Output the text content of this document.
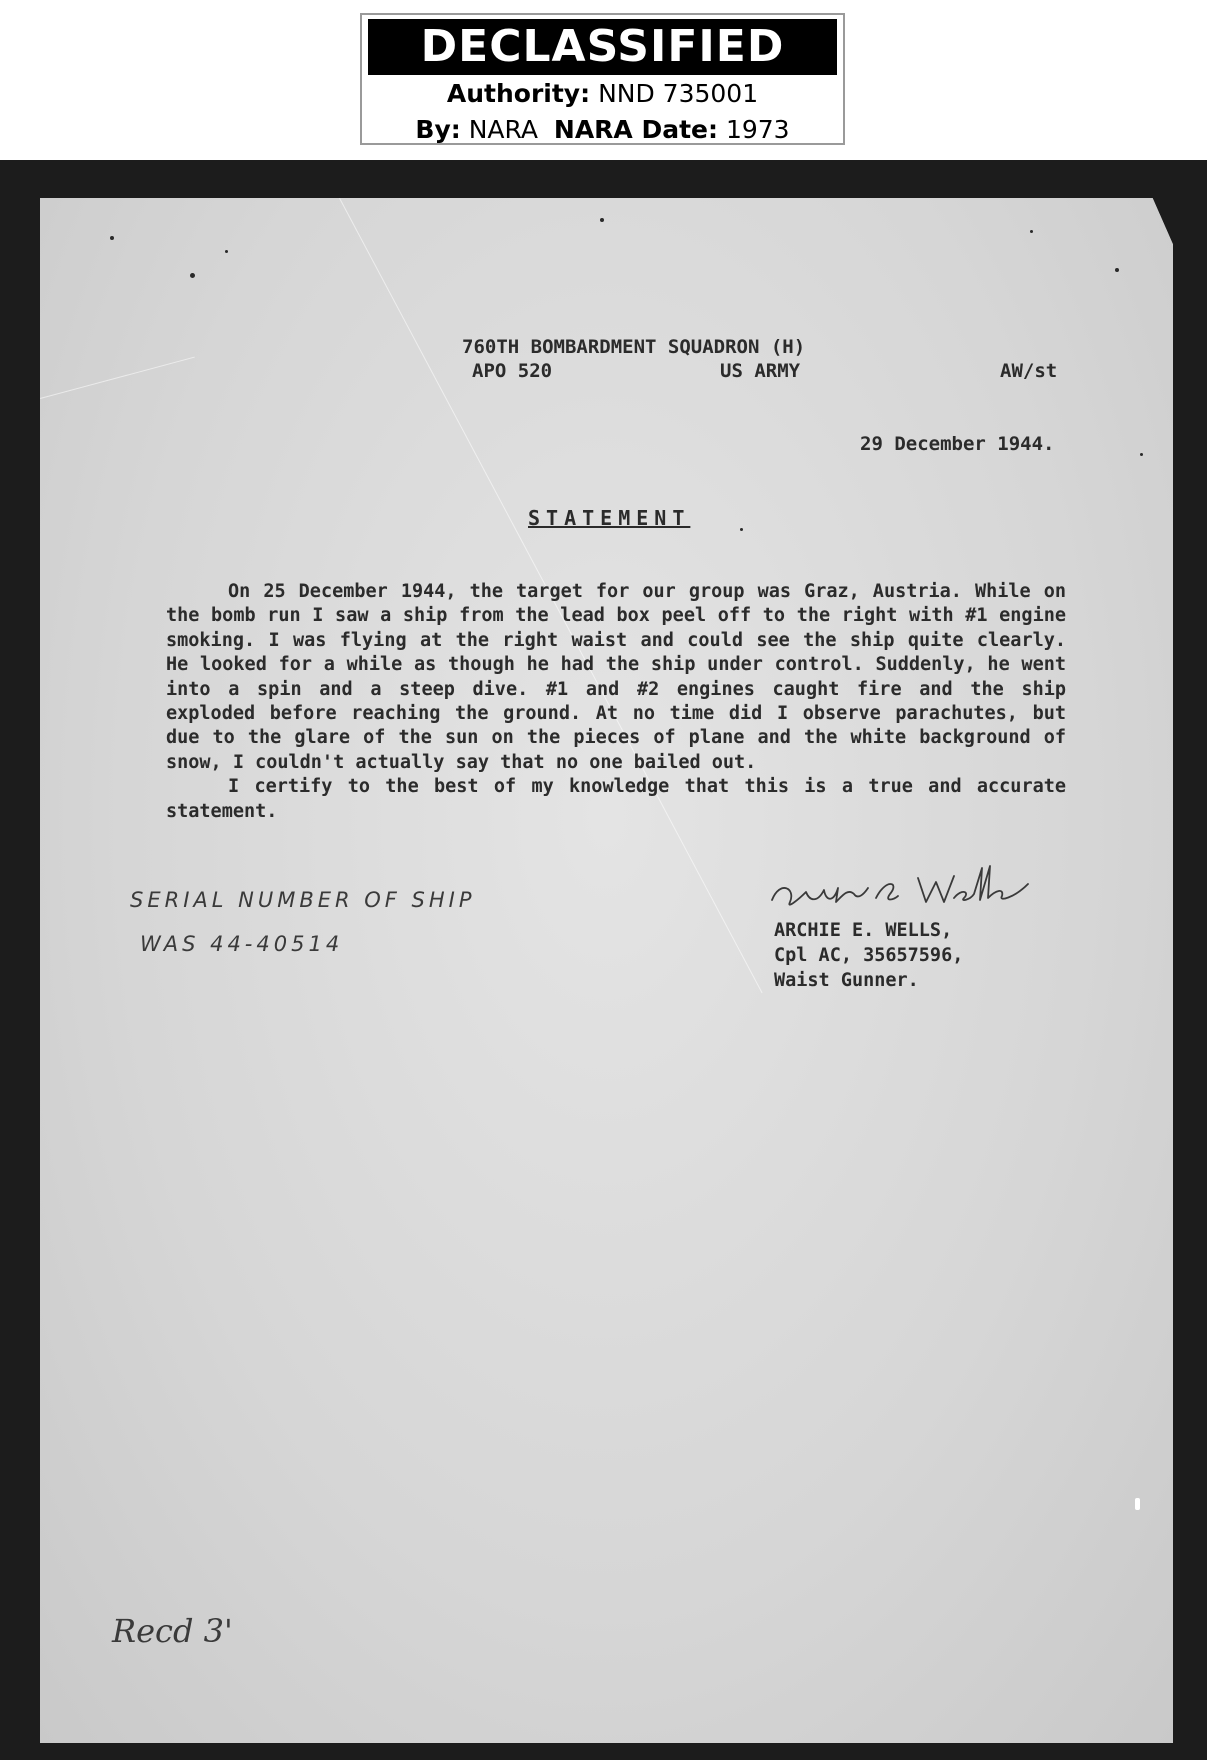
DECLASSIFIED
Authority: NND 735001
By: NARA NARA Date: 1973
760TH BOMBARDMENT SQUADRON (H)
APO 520	US ARMY	AW/st
29 December 1944.
STATEMENT

On 25 December 1944, the target for our group was Graz, Austria. While on the bomb run I saw a ship from the lead box peel off to the right with #1 engine smoking. I was flying at the right waist and could see the ship quite clearly. He looked for a while as though he had the ship under control. Suddenly, he went into a spin and a steep dive. #1 and #2 engines caught fire and the ship exploded before reaching the ground. At no time did I observe parachutes, but due to the glare of the sun on the pieces of plane and the white background of snow, I couldn't actually say that no one bailed out.

I certify to the best of my knowledge that this is a true and accurate statement.

SERIAL NUMBER OF SHIP
WAS 44-40514
ARCHIE E. WELLS,
Cpl AC, 35657596,
Waist Gunner.
Recd 3'
